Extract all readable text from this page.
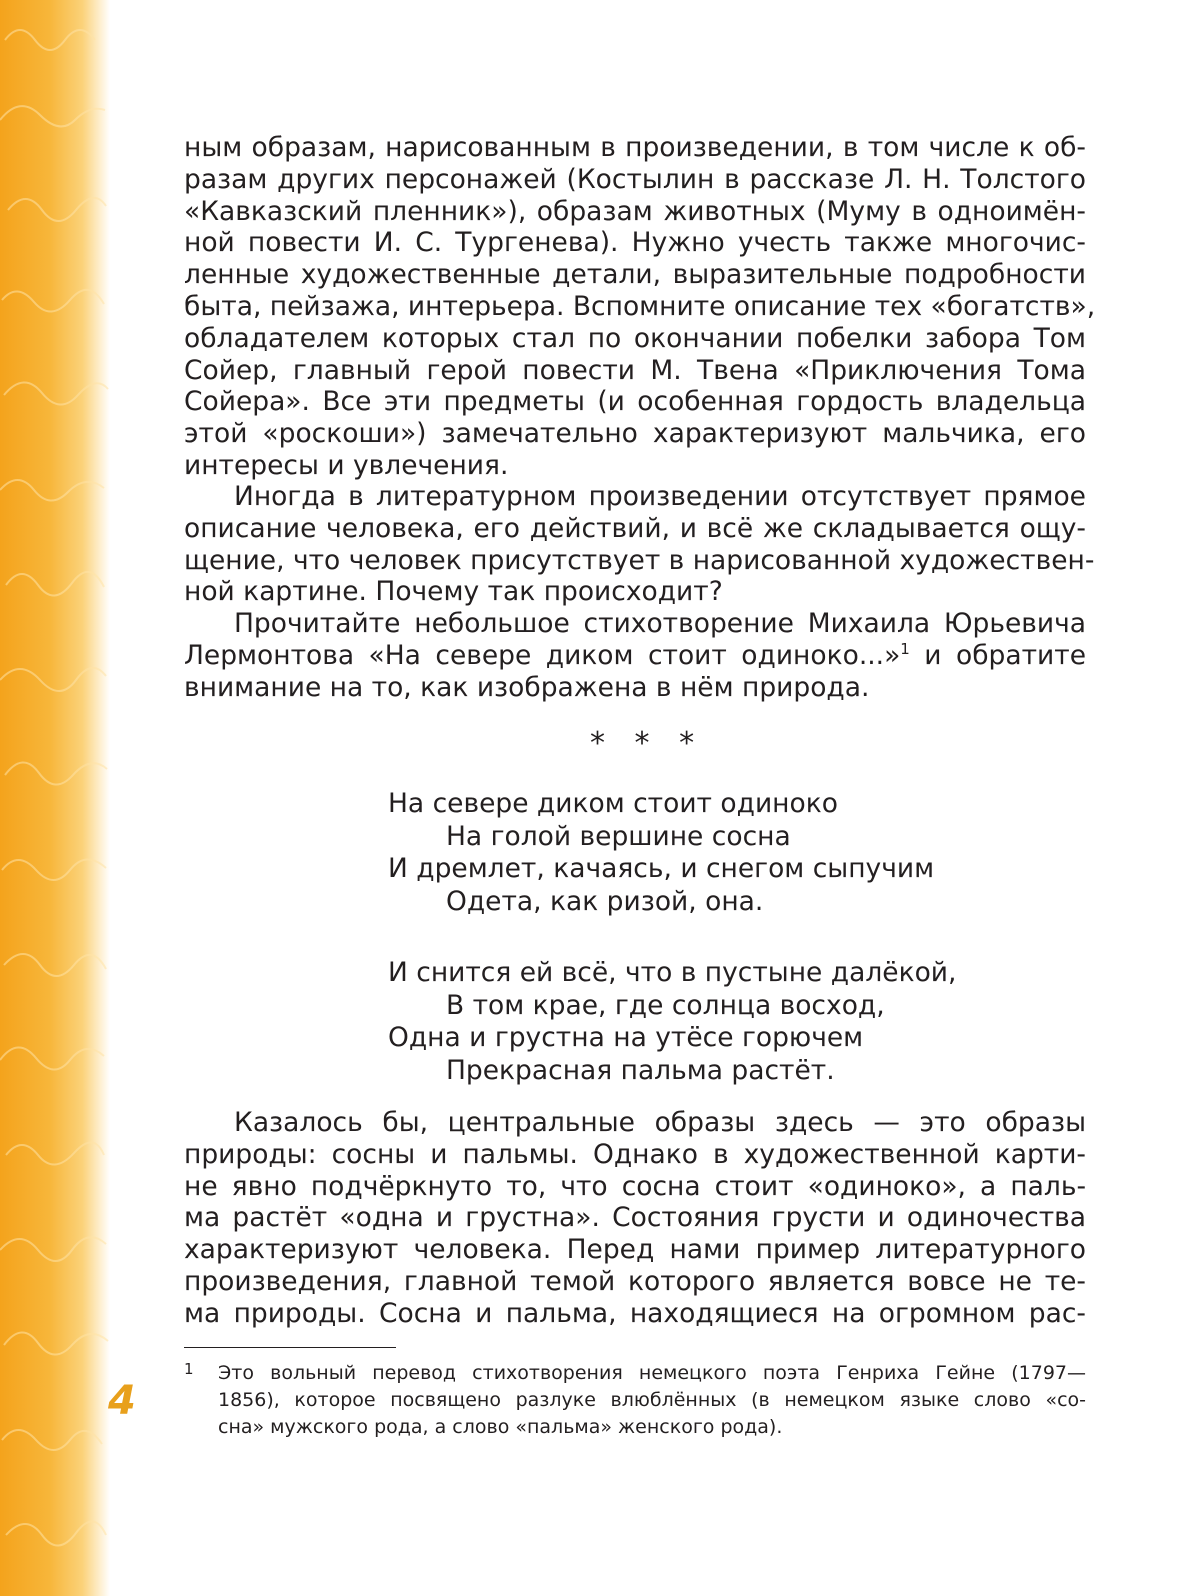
ным образам, нарисованным в произведении, в том числе к об-
разам других персонажей (Костылин в рассказе Л. Н. Толстого
«Кавказский пленник»), образам животных (Муму в одноимён-
ной повести И. С. Тургенева). Нужно учесть также многочис-
ленные художественные детали, выразительные подробности
быта, пейзажа, интерьера. Вспомните описание тех «богатств»,
обладателем которых стал по окончании побелки забора Том
Сойер, главный герой повести М. Твена «Приключения Тома
Сойера». Все эти предметы (и особенная гордость владельца
этой «роскоши») замечательно характеризуют мальчика, его
интересы и увлечения.
Иногда в литературном произведении отсутствует прямое
описание человека, его действий, и всё же складывается ощу-
щение, что человек присутствует в нарисованной художествен-
ной картине. Почему так происходит?
Прочитайте небольшое стихотворение Михаила Юрьевича
Лермонтова «На севере диком стоит одиноко...»$^1$ и обратите
внимание на то, как изображена в нём природа.
* * *
На севере диком стоит одиноко
На голой вершине сосна
И дремлет, качаясь, и снегом сыпучим
Одета, как ризой, она.
И снится ей всё, что в пустыне далёкой,
В том крае, где солнца восход,
Одна и грустна на утёсе горючем
Прекрасная пальма растёт.
Казалось бы, центральные образы здесь — это образы
природы: сосны и пальмы. Однако в художественной карти-
не явно подчёркнуто то, что сосна стоит «одиноко», а паль-
ма растёт «одна и грустна». Состояния грусти и одиночества
характеризуют человека. Перед нами пример литературного
произведения, главной темой которого является вовсе не те-
ма природы. Сосна и пальма, находящиеся на огромном рас-
1 Это вольный перевод стихотворения немецкого поэта Генриха Гейне (1797—
1856), которое посвящено разлуке влюблённых (в немецком языке слово «со-
сна» мужского рода, а слово «пальма» женского рода).
4
